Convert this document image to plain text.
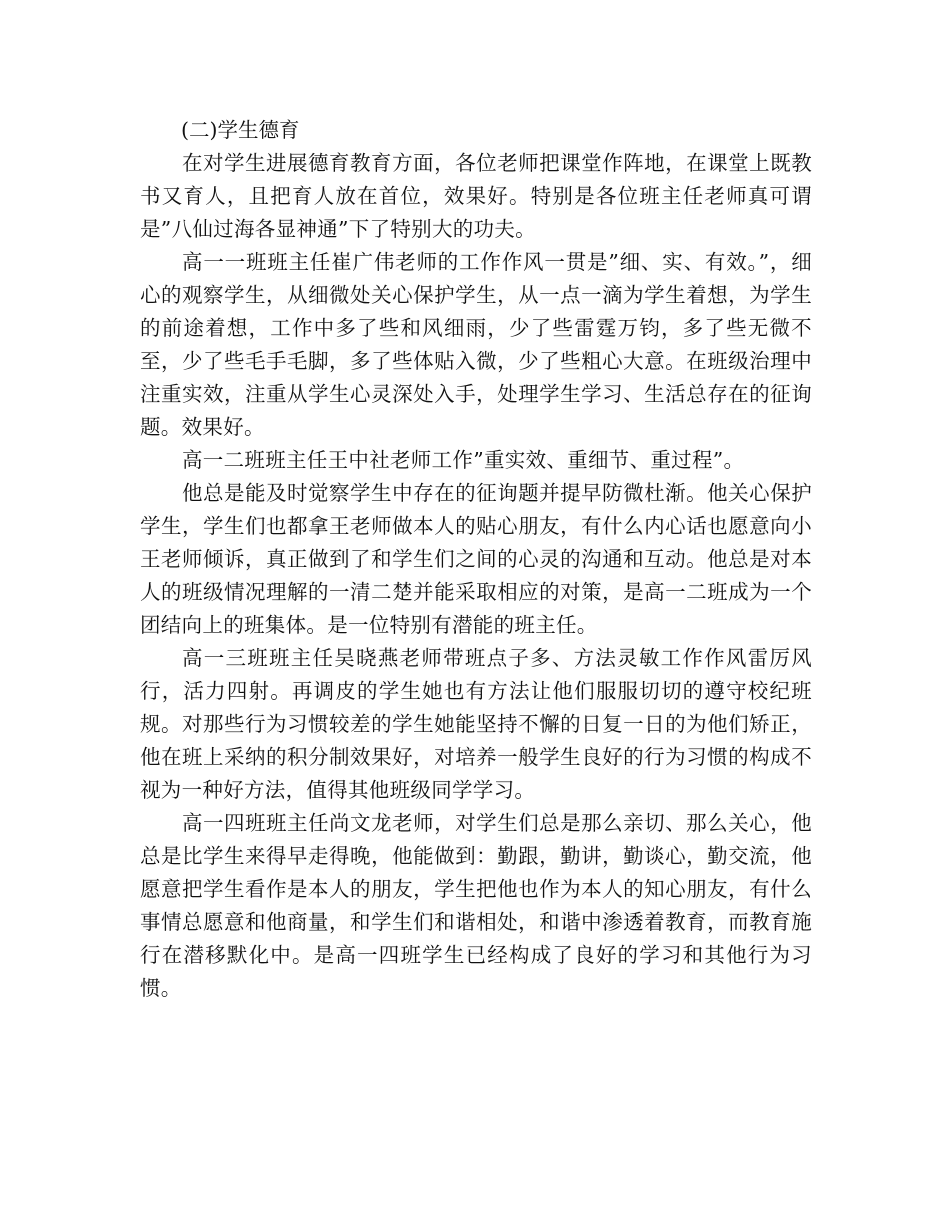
(二)学生德育

在对学生进展德育教育方面，各位老师把课堂作阵地，在课堂上既教书又育人，且把育人放在首位，效果好。特别是各位班主任老师真可谓是”八仙过海各显神通”下了特别大的功夫。

高一一班班主任崔广伟老师的工作作风一贯是”细、实、有效。”，细心的观察学生，从细微处关心保护学生，从一点一滴为学生着想，为学生的前途着想，工作中多了些和风细雨，少了些雷霆万钧，多了些无微不至，少了些毛手毛脚，多了些体贴入微，少了些粗心大意。在班级治理中注重实效，注重从学生心灵深处入手，处理学生学习、生活总存在的征询题。效果好。

高一二班班主任王中社老师工作”重实效、重细节、重过程”。

他总是能及时觉察学生中存在的征询题并提早防微杜渐。他关心保护学生，学生们也都拿王老师做本人的贴心朋友，有什么内心话也愿意向小王老师倾诉，真正做到了和学生们之间的心灵的沟通和互动。他总是对本人的班级情况理解的一清二楚并能采取相应的对策，是高一二班成为一个团结向上的班集体。是一位特别有潜能的班主任。

高一三班班主任吴晓燕老师带班点子多、方法灵敏工作作风雷厉风行，活力四射。再调皮的学生她也有方法让他们服服切切的遵守校纪班规。对那些行为习惯较差的学生她能坚持不懈的日复一日的为他们矫正，他在班上采纳的积分制效果好，对培养一般学生良好的行为习惯的构成不视为一种好方法，值得其他班级同学学习。

高一四班班主任尚文龙老师，对学生们总是那么亲切、那么关心，他总是比学生来得早走得晚，他能做到：勤跟，勤讲，勤谈心，勤交流，他愿意把学生看作是本人的朋友，学生把他也作为本人的知心朋友，有什么事情总愿意和他商量，和学生们和谐相处，和谐中渗透着教育，而教育施行在潜移默化中。是高一四班学生已经构成了良好的学习和其他行为习惯。
